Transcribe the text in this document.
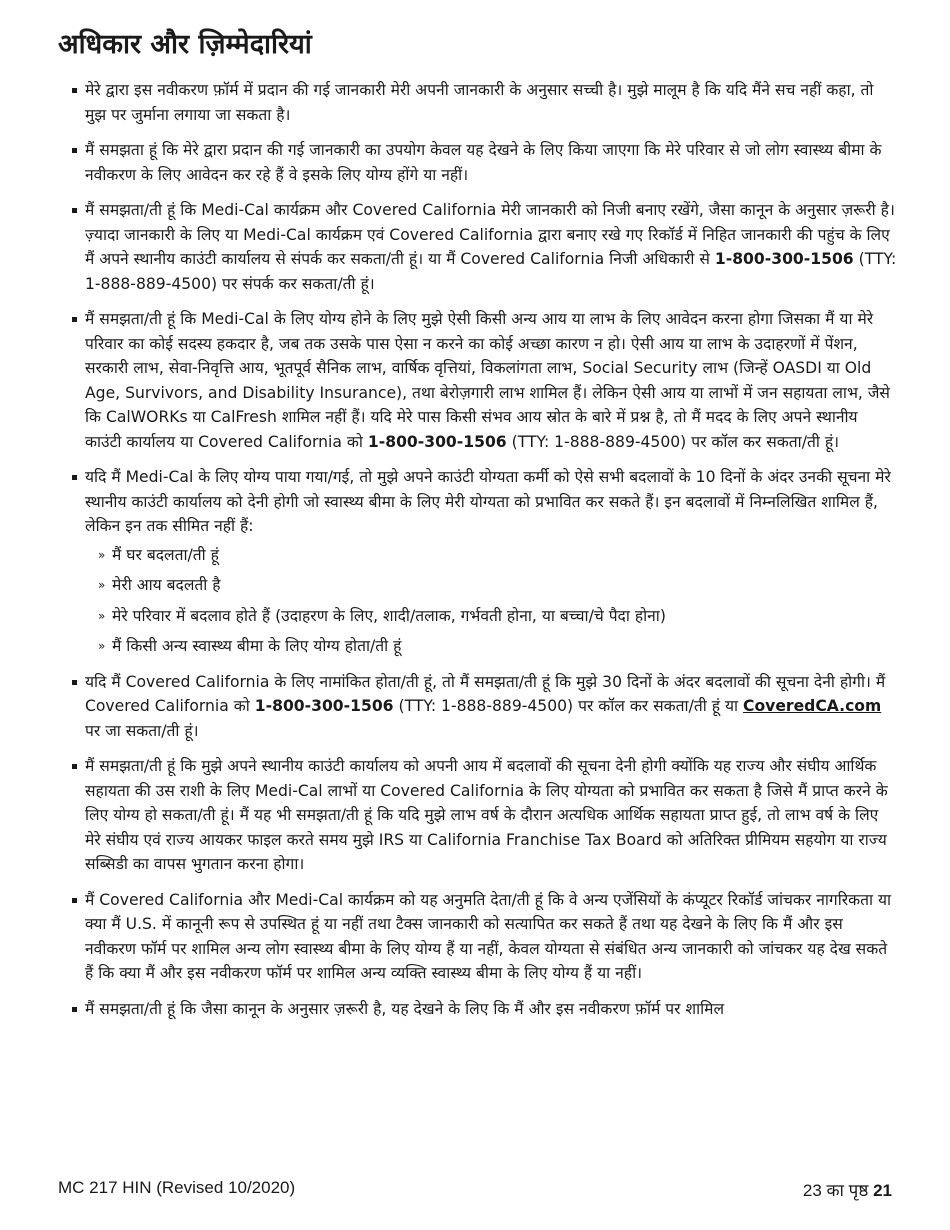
अधिकार और ज़िम्मेदारियां
मेरे द्वारा इस नवीकरण फ़ॉर्म में प्रदान की गई जानकारी मेरी अपनी जानकारी के अनुसार सच्ची है। मुझे मालूम है कि यदि मैंने सच नहीं कहा, तो मुझ पर जुर्माना लगाया जा सकता है।
मैं समझता हूं कि मेरे द्वारा प्रदान की गई जानकारी का उपयोग केवल यह देखने के लिए किया जाएगा कि मेरे परिवार से जो लोग स्वास्थ्य बीमा के नवीकरण के लिए आवेदन कर रहे हैं वे इसके लिए योग्य होंगे या नहीं।
मैं समझता/ती हूं कि Medi-Cal कार्यक्रम और Covered California मेरी जानकारी को निजी बनाए रखेंगे, जैसा कानून के अनुसार ज़रूरी है। ज़्यादा जानकारी के लिए या Medi-Cal कार्यक्रम एवं Covered California द्वारा बनाए रखे गए रिकॉर्ड में निहित जानकारी की पहुंच के लिए मैं अपने स्थानीय काउंटी कार्यालय से संपर्क कर सकता/ती हूं। या मैं Covered California निजी अधिकारी से 1-800-300-1506 (TTY: 1-888-889-4500) पर संपर्क कर सकता/ती हूं।
मैं समझता/ती हूं कि Medi-Cal के लिए योग्य होने के लिए मुझे ऐसी किसी अन्य आय या लाभ के लिए आवेदन करना होगा जिसका मैं या मेरे परिवार का कोई सदस्य हकदार है, जब तक उसके पास ऐसा न करने का कोई अच्छा कारण न हो। ऐसी आय या लाभ के उदाहरणों में पेंशन, सरकारी लाभ, सेवा-निवृत्ति आय, भूतपूर्व सैनिक लाभ, वार्षिक वृत्तियां, विकलांगता लाभ, Social Security लाभ (जिन्हें OASDI या Old Age, Survivors, and Disability Insurance), तथा बेरोज़गारी लाभ शामिल हैं। लेकिन ऐसी आय या लाभों में जन सहायता लाभ, जैसे कि CalWORKs या CalFresh शामिल नहीं हैं। यदि मेरे पास किसी संभव आय स्रोत के बारे में प्रश्न है, तो मैं मदद के लिए अपने स्थानीय काउंटी कार्यालय या Covered California को 1-800-300-1506 (TTY: 1-888-889-4500) पर कॉल कर सकता/ती हूं।
यदि मैं Medi-Cal के लिए योग्य पाया गया/गई, तो मुझे अपने काउंटी योग्यता कर्मी को ऐसे सभी बदलावों के 10 दिनों के अंदर उनकी सूचना मेरे स्थानीय काउंटी कार्यालय को देनी होगी जो स्वास्थ्य बीमा के लिए मेरी योग्यता को प्रभावित कर सकते हैं। इन बदलावों में निम्नलिखित शामिल हैं, लेकिन इन तक सीमित नहीं हैं:
» मैं घर बदलता/ती हूं
» मेरी आय बदलती है
» मेरे परिवार में बदलाव होते हैं (उदाहरण के लिए, शादी/तलाक, गर्भवती होना, या बच्चा/चे पैदा होना)
» मैं किसी अन्य स्वास्थ्य बीमा के लिए योग्य होता/ती हूं
यदि मैं Covered California के लिए नामांकित होता/ती हूं, तो मैं समझता/ती हूं कि मुझे 30 दिनों के अंदर बदलावों की सूचना देनी होगी। मैं Covered California को 1-800-300-1506 (TTY: 1-888-889-4500) पर कॉल कर सकता/ती हूं या CoveredCA.com पर जा सकता/ती हूं।
मैं समझता/ती हूं कि मुझे अपने स्थानीय काउंटी कार्यालय को अपनी आय में बदलावों की सूचना देनी होगी क्योंकि यह राज्य और संघीय आर्थिक सहायता की उस राशी के लिए Medi-Cal लाभों या Covered California के लिए योग्यता को प्रभावित कर सकता है जिसे मैं प्राप्त करने के लिए योग्य हो सकता/ती हूं। मैं यह भी समझता/ती हूं कि यदि मुझे लाभ वर्ष के दौरान अत्यधिक आर्थिक सहायता प्राप्त हुई, तो लाभ वर्ष के लिए मेरे संघीय एवं राज्य आयकर फाइल करते समय मुझे IRS या California Franchise Tax Board को अतिरिक्त प्रीमियम सहयोग या राज्य सब्सिडी का वापस भुगतान करना होगा।
मैं Covered California और Medi-Cal कार्यक्रम को यह अनुमति देता/ती हूं कि वे अन्य एजेंसियों के कंप्यूटर रिकॉर्ड जांचकर नागरिकता या क्या मैं U.S. में कानूनी रूप से उपस्थित हूं या नहीं तथा टैक्स जानकारी को सत्यापित कर सकते हैं तथा यह देखने के लिए कि मैं और इस नवीकरण फॉर्म पर शामिल अन्य लोग स्वास्थ्य बीमा के लिए योग्य हैं या नहीं, केवल योग्यता से संबंधित अन्य जानकारी को जांचकर यह देख सकते हैं कि क्या मैं और इस नवीकरण फॉर्म पर शामिल अन्य व्यक्ति स्वास्थ्य बीमा के लिए योग्य हैं या नहीं।
मैं समझता/ती हूं कि जैसा कानून के अनुसार ज़रूरी है, यह देखने के लिए कि मैं और इस नवीकरण फ़ॉर्म पर शामिल
MC 217 HIN (Revised 10/2020)	23 का पृष्ठ 21
